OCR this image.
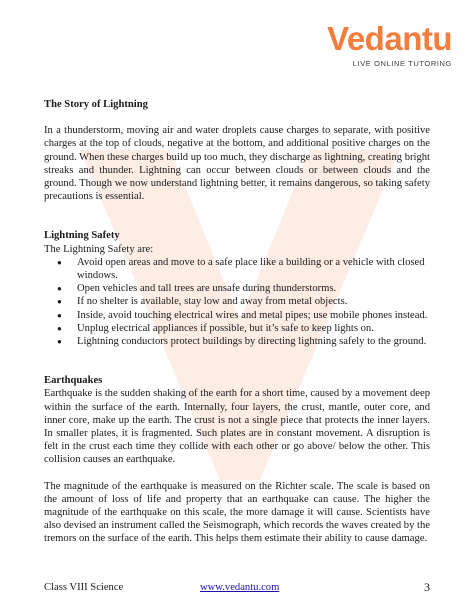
Vedantu
LIVE ONLINE TUTORING
The Story of Lightning

In a thunderstorm, moving air and water droplets cause charges to separate, with positive charges at the top of clouds, negative at the bottom, and additional positive charges on the ground. When these charges build up too much, they discharge as lightning, creating bright streaks and thunder. Lightning can occur between clouds or between clouds and the ground. Though we now understand lightning better, it remains dangerous, so taking safety precautions is essential.

Lightning Safety
The Lightning Safety are:
● Avoid open areas and move to a safe place like a building or a vehicle with closed windows.
● Open vehicles and tall trees are unsafe during thunderstorms.
● If no shelter is available, stay low and away from metal objects.
● Inside, avoid touching electrical wires and metal pipes; use mobile phones instead.
● Unplug electrical appliances if possible, but it’s safe to keep lights on.
● Lightning conductors protect buildings by directing lightning safely to the ground.
Earthquakes

Earthquake is the sudden shaking of the earth for a short time, caused by a movement deep within the surface of the earth. Internally, four layers, the crust, mantle, outer core, and inner core, make up the earth. The crust is not a single piece that protects the inner layers. In smaller plates, it is fragmented. Such plates are in constant movement. A disruption is felt in the crust each time they collide with each other or go above/ below the other. This collision causes an earthquake.

The magnitude of the earthquake is measured on the Richter scale. The scale is based on the amount of loss of life and property that an earthquake can cause. The higher the magnitude of the earthquake on this scale, the more damage it will cause. Scientists have also devised an instrument called the Seismograph, which records the waves created by the tremors on the surface of the earth. This helps them estimate their ability to cause damage.

Class VIII Science	www.vedantu.com	3
